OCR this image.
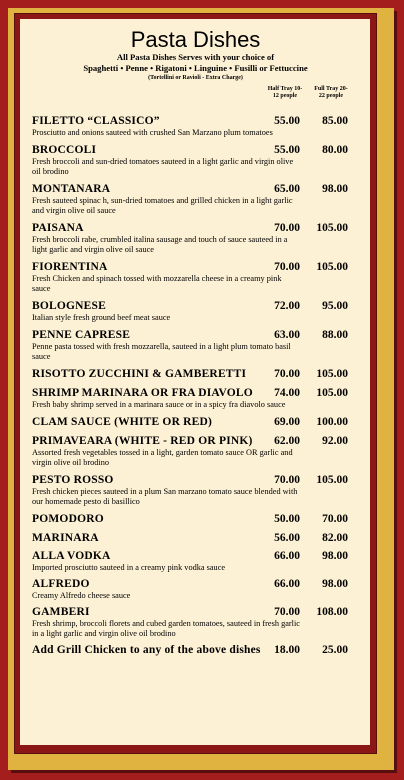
Pasta Dishes
All Pasta Dishes Serves with your choice of
Spaghetti • Penne • Rigatoni • Linguine • Fusilli or Fettuccine
(Tortellini or Ravioli - Extra Charge)
Half Tray 10-12 people
Full Tray 20-22 people
FILETTO “CLASSICO”
Prosciutto and onions sauteed with crushed San Marzano plum tomatoes
55.00	85.00
BROCCOLI
Fresh broccoli and sun-dried tomatoes sauteed in a light garlic and virgin olive oil brodino
55.00	80.00
MONTANARA
Fresh sauteed spinac h, sun-dried tomatoes and grilled chicken in a light garlic and virgin olive oil sauce
65.00	98.00
PAISANA
Fresh broccoli rabe, crumbled italina sausage and touch of sauce sauteed in a light garlic and virgin olive oil sauce
70.00	105.00
FIORENTINA
Fresh Chicken and spinach tossed with mozzarella cheese in a creamy pink sauce
70.00	105.00
BOLOGNESE
Italian style fresh ground beef meat sauce
72.00	95.00
PENNE CAPRESE
Penne pasta tossed with fresh mozzarella, sauteed in a light plum tomato basil sauce
63.00	88.00
RISOTTO ZUCCHINI & GAMBERETTI	70.00	105.00
SHRIMP MARINARA OR FRA DIAVOLO
Fresh baby shrimp served in a marinara sauce or in a spicy fra diavolo sauce
74.00	105.00
CLAM SAUCE (WHITE OR RED)	69.00	100.00
PRIMAVEARA (WHITE - RED OR PINK)
Assorted fresh vegetables tossed in a light, garden tomato sauce OR garlic and virgin olive oil brodino
62.00	92.00
PESTO ROSSO
Fresh chicken pieces sauteed in a plum San marzano tomato sauce blended with our homemade pesto di basillico
70.00	105.00
POMODORO	50.00	70.00
MARINARA	56.00	82.00
ALLA VODKA
Imported prosciutto sauteed in a creamy pink vodka sauce
66.00	98.00
ALFREDO
Creamy Alfredo cheese sauce
66.00	98.00
GAMBERI
Fresh shrimp, broccoli florets and cubed garden tomatoes, sauteed in fresh garlic in a light garlic and virgin olive oil brodino
70.00	108.00
Add Grill Chicken to any of the above dishes	18.00	25.00
